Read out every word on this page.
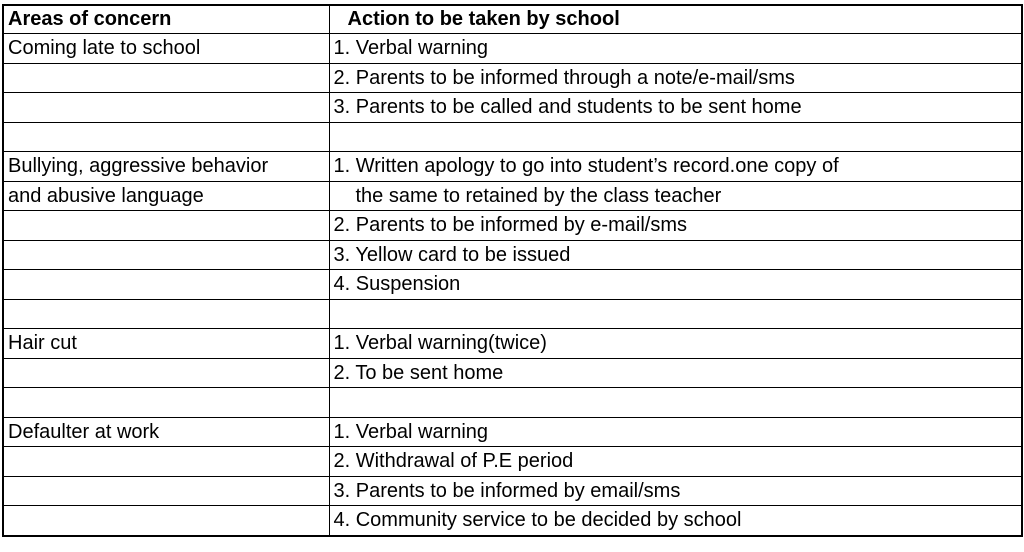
Areas of concern	Action to be taken by school
Coming late to school	1. Verbal warning
	2. Parents to be informed through a note/e-mail/sms
	3. Parents to be called and students to be sent home

Bullying, aggressive behavior	1. Written apology to go into student’s record.one copy of
and abusive language	the same to retained by the class teacher
	2. Parents to be informed by e-mail/sms
	3. Yellow card to be issued
	4. Suspension

Hair cut	1. Verbal warning(twice)
	2. To be sent home

Defaulter at work	1. Verbal warning
	2. Withdrawal of P.E period
	3. Parents to be informed by email/sms
	4. Community service to be decided by school
